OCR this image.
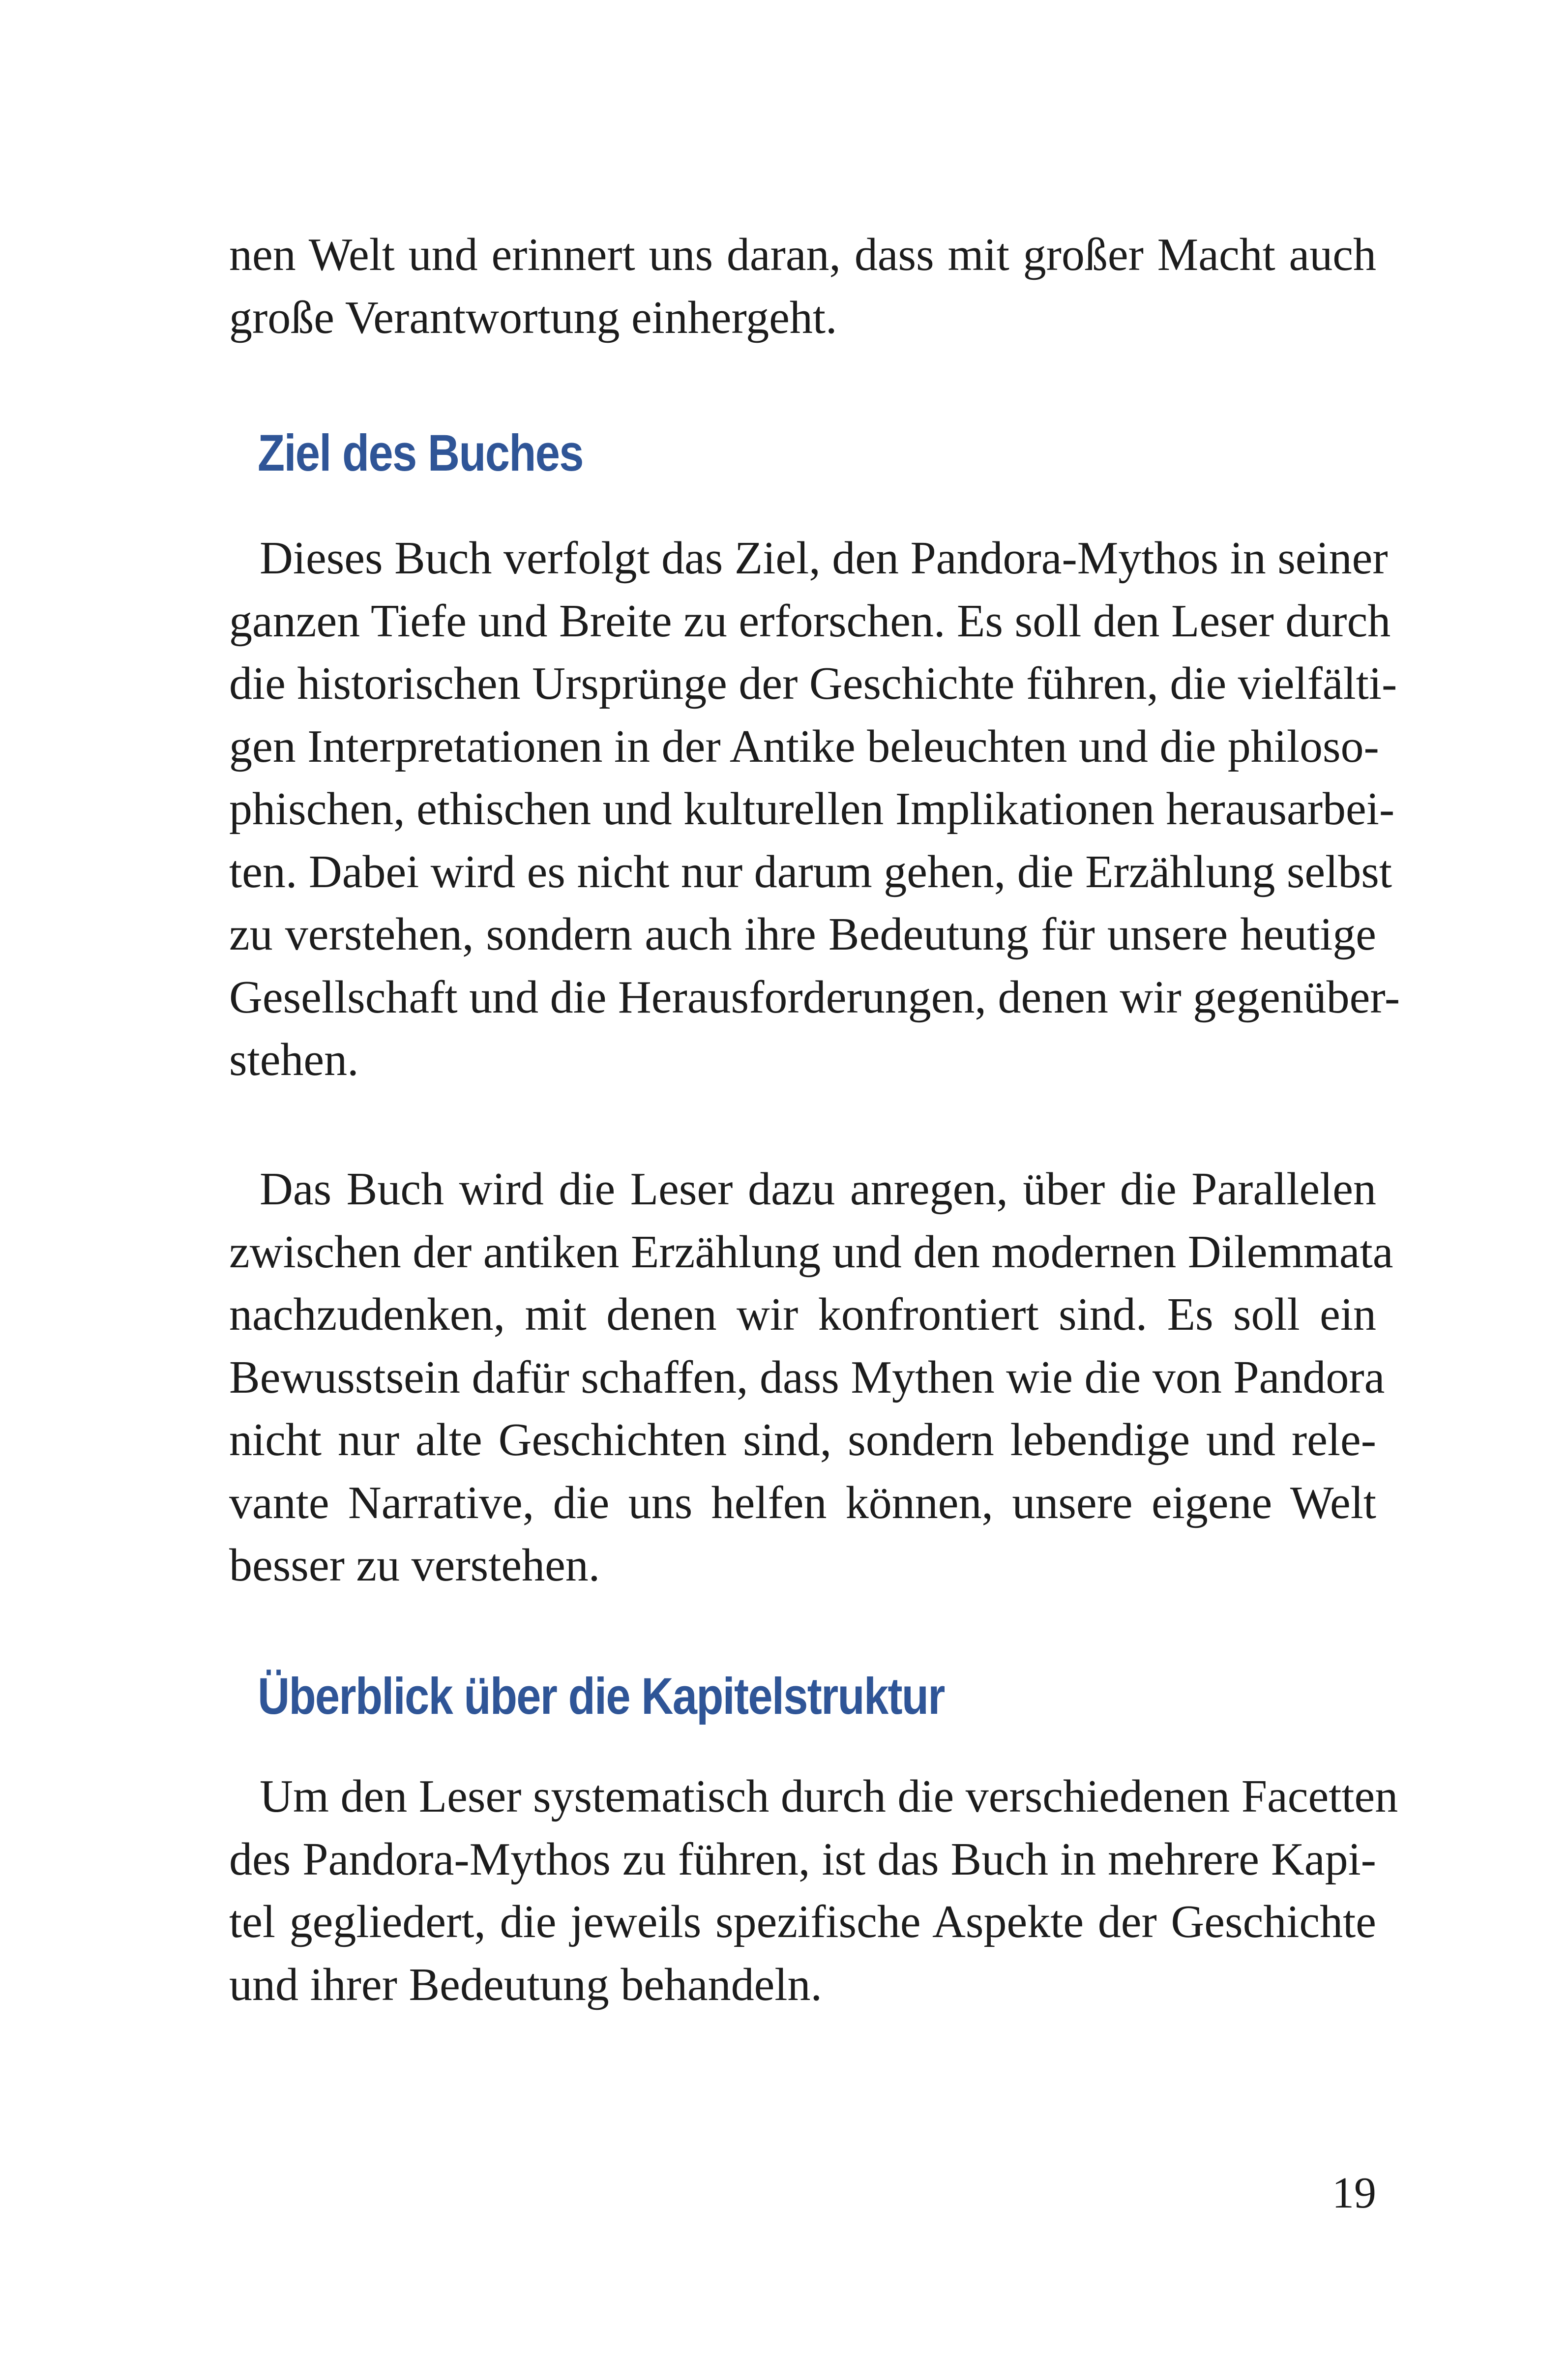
nen Welt und erinnert uns daran, dass mit großer Macht auch
große Verantwortung einhergeht.

Ziel des Buches

Dieses Buch verfolgt das Ziel, den Pandora-Mythos in seiner
ganzen Tiefe und Breite zu erforschen. Es soll den Leser durch
die historischen Ursprünge der Geschichte führen, die vielfälti-
gen Interpretationen in der Antike beleuchten und die philoso-
phischen, ethischen und kulturellen Implikationen herausarbei-
ten. Dabei wird es nicht nur darum gehen, die Erzählung selbst
zu verstehen, sondern auch ihre Bedeutung für unsere heutige
Gesellschaft und die Herausforderungen, denen wir gegenüber-
stehen.

Das Buch wird die Leser dazu anregen, über die Parallelen
zwischen der antiken Erzählung und den modernen Dilemmata
nachzudenken, mit denen wir konfrontiert sind. Es soll ein
Bewusstsein dafür schaffen, dass Mythen wie die von Pandora
nicht nur alte Geschichten sind, sondern lebendige und rele-
vante Narrative, die uns helfen können, unsere eigene Welt
besser zu verstehen.

Überblick über die Kapitelstruktur

Um den Leser systematisch durch die verschiedenen Facetten
des Pandora-Mythos zu führen, ist das Buch in mehrere Kapi-
tel gegliedert, die jeweils spezifische Aspekte der Geschichte
und ihrer Bedeutung behandeln.

19
